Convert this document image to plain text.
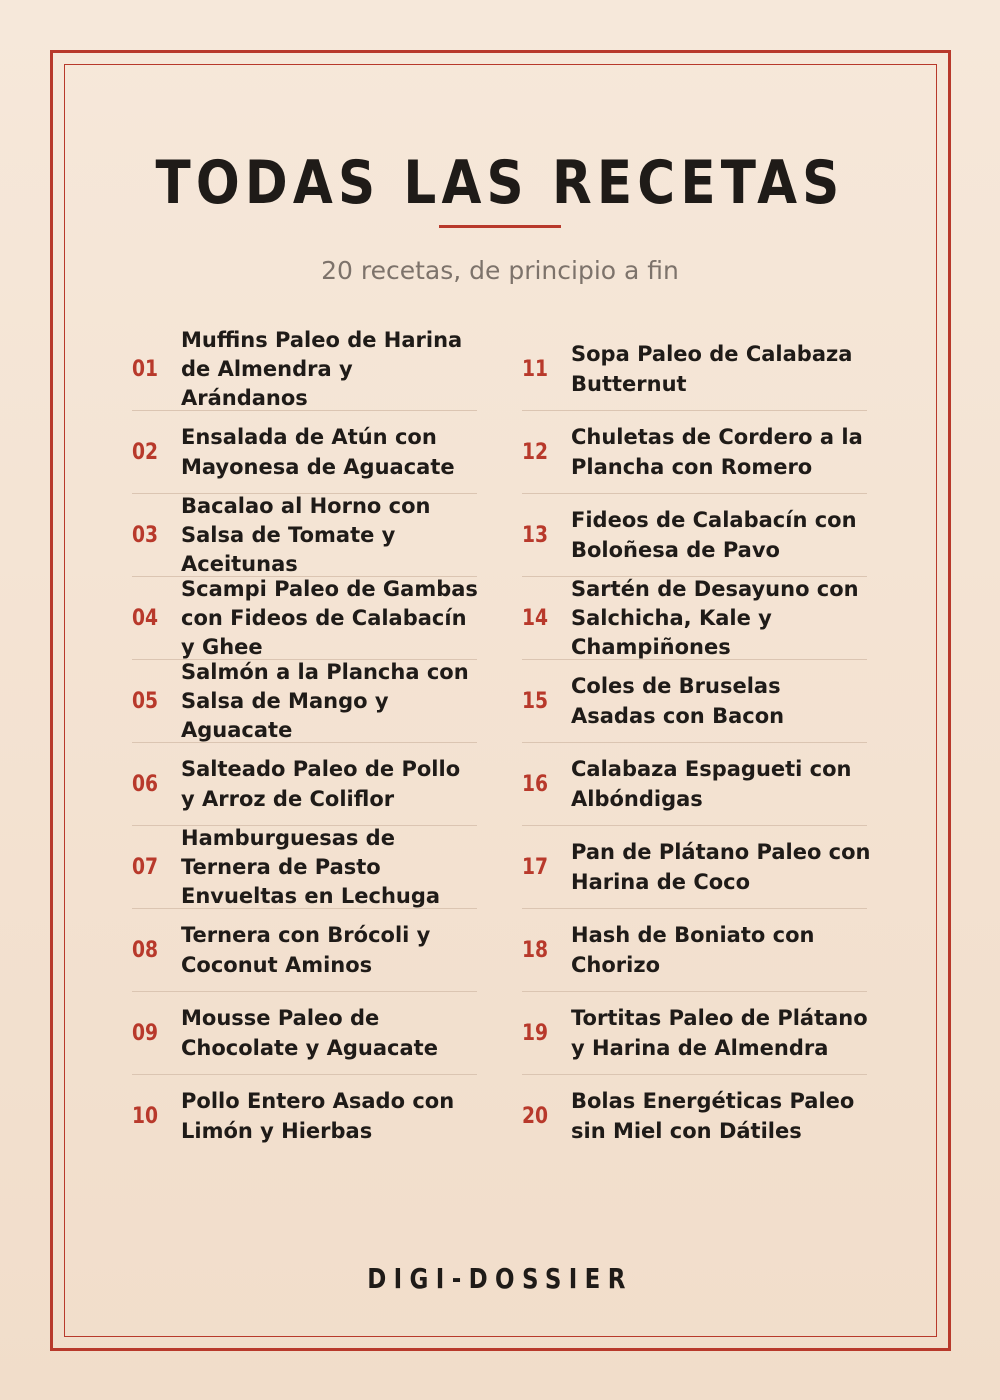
TODAS LAS RECETAS
20 recetas, de principio a fin
01
Muffins Paleo de Harina de Almendra y Arándanos
02
Ensalada de Atún con Mayonesa de Aguacate
03
Bacalao al Horno con Salsa de Tomate y Aceitunas
04
Scampi Paleo de Gambas con Fideos de Calabacín y Ghee
05
Salmón a la Plancha con Salsa de Mango y Aguacate
06
Salteado Paleo de Pollo y Arroz de Coliflor
07
Hamburguesas de Ternera de Pasto Envueltas en Lechuga
08
Ternera con Brócoli y Coconut Aminos
09
Mousse Paleo de Chocolate y Aguacate
10
Pollo Entero Asado con Limón y Hierbas
11
Sopa Paleo de Calabaza Butternut
12
Chuletas de Cordero a la Plancha con Romero
13
Fideos de Calabacín con Boloñesa de Pavo
14
Sartén de Desayuno con Salchicha, Kale y Champiñones
15
Coles de Bruselas Asadas con Bacon
16
Calabaza Espagueti con Albóndigas
17
Pan de Plátano Paleo con Harina de Coco
18
Hash de Boniato con Chorizo
19
Tortitas Paleo de Plátano y Harina de Almendra
20
Bolas Energéticas Paleo sin Miel con Dátiles
DIGI-DOSSIER
